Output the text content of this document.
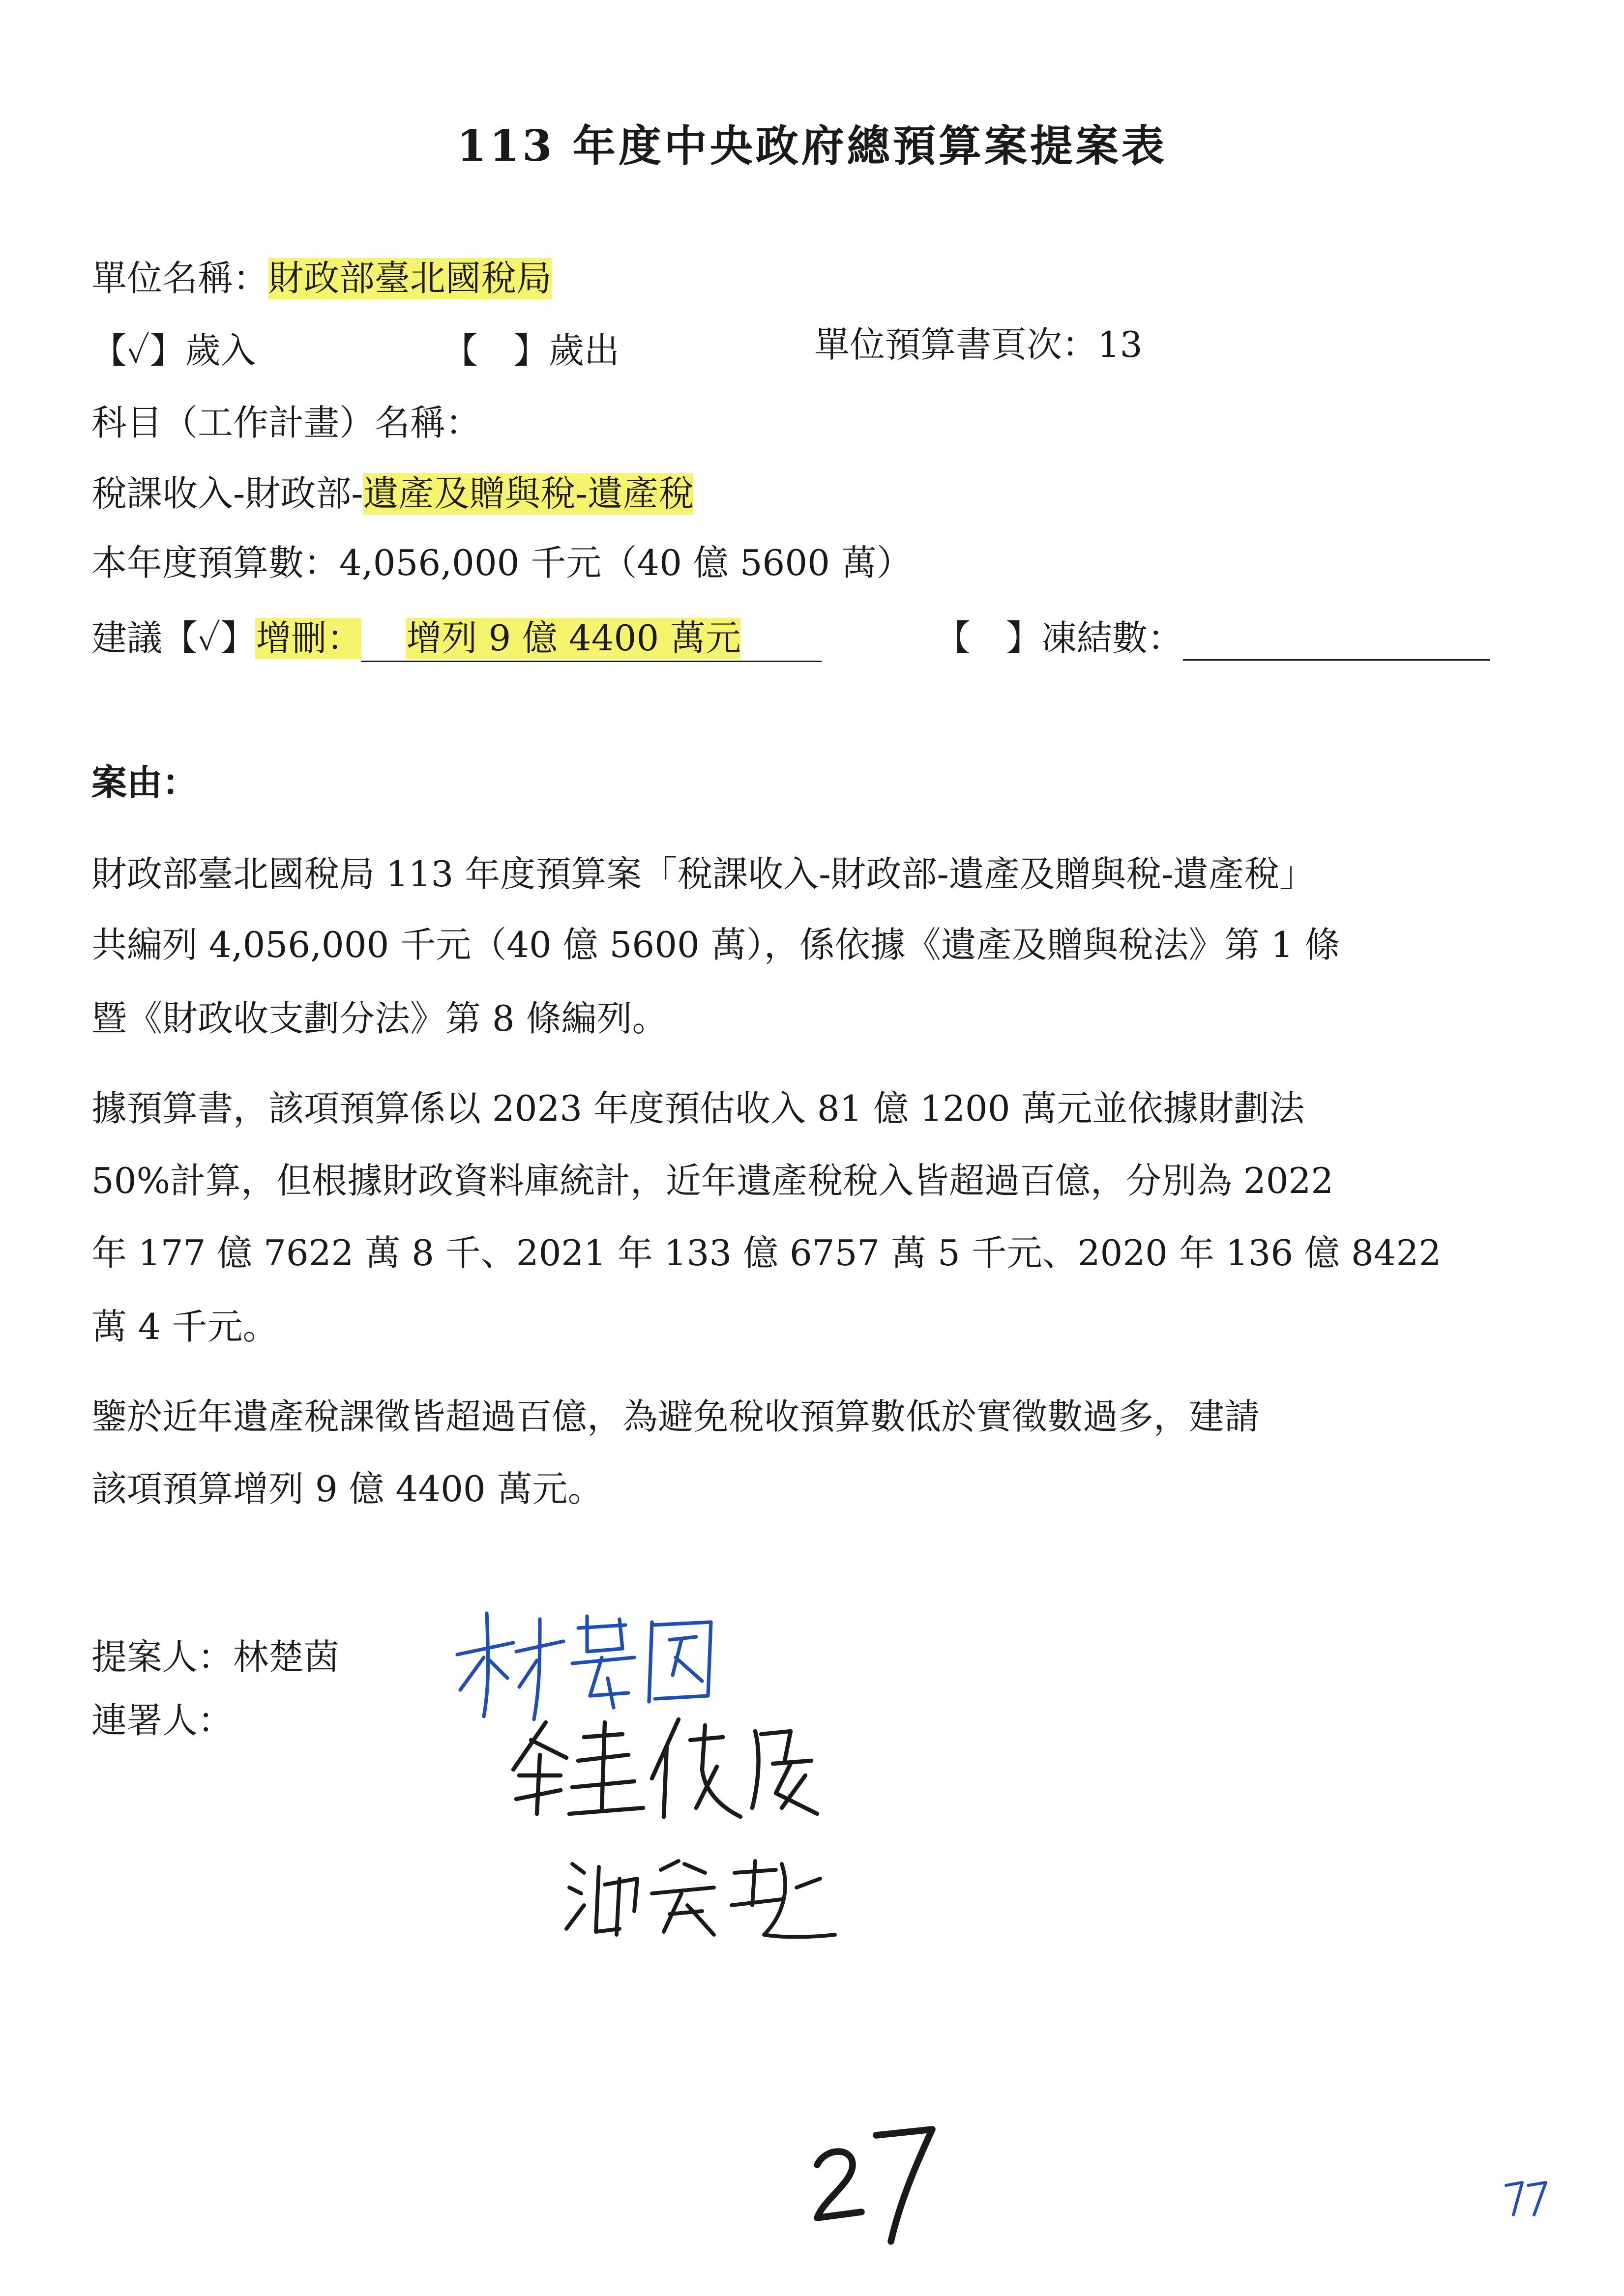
113 年度中央政府總預算案提案表
單位名稱：財政部臺北國稅局
【✓】歲入	【　】歲出	單位預算書頁次：13
科目（工作計畫）名稱：
稅課收入-財政部-遺產及贈與稅-遺產稅
本年度預算數：4,056,000 千元（40 億 5600 萬）
建議【✓】增刪：	增列 9 億 4400 萬元	【　】凍結數：
案由：
財政部臺北國稅局 113 年度預算案「稅課收入-財政部-遺產及贈與稅-遺產稅」
共編列 4,056,000 千元（40 億 5600 萬），係依據《遺產及贈與稅法》第 1 條
暨《財政收支劃分法》第 8 條編列。
據預算書，該項預算係以 2023 年度預估收入 81 億 1200 萬元並依據財劃法
50%計算，但根據財政資料庫統計，近年遺產稅稅入皆超過百億，分別為 2022
年 177 億 7622 萬 8 千、2021 年 133 億 6757 萬 5 千元、2020 年 136 億 8422
萬 4 千元。
鑒於近年遺產稅課徵皆超過百億，為避免稅收預算數低於實徵數過多，建請
該項預算增列 9 億 4400 萬元。
提案人：林楚茵
連署人：
